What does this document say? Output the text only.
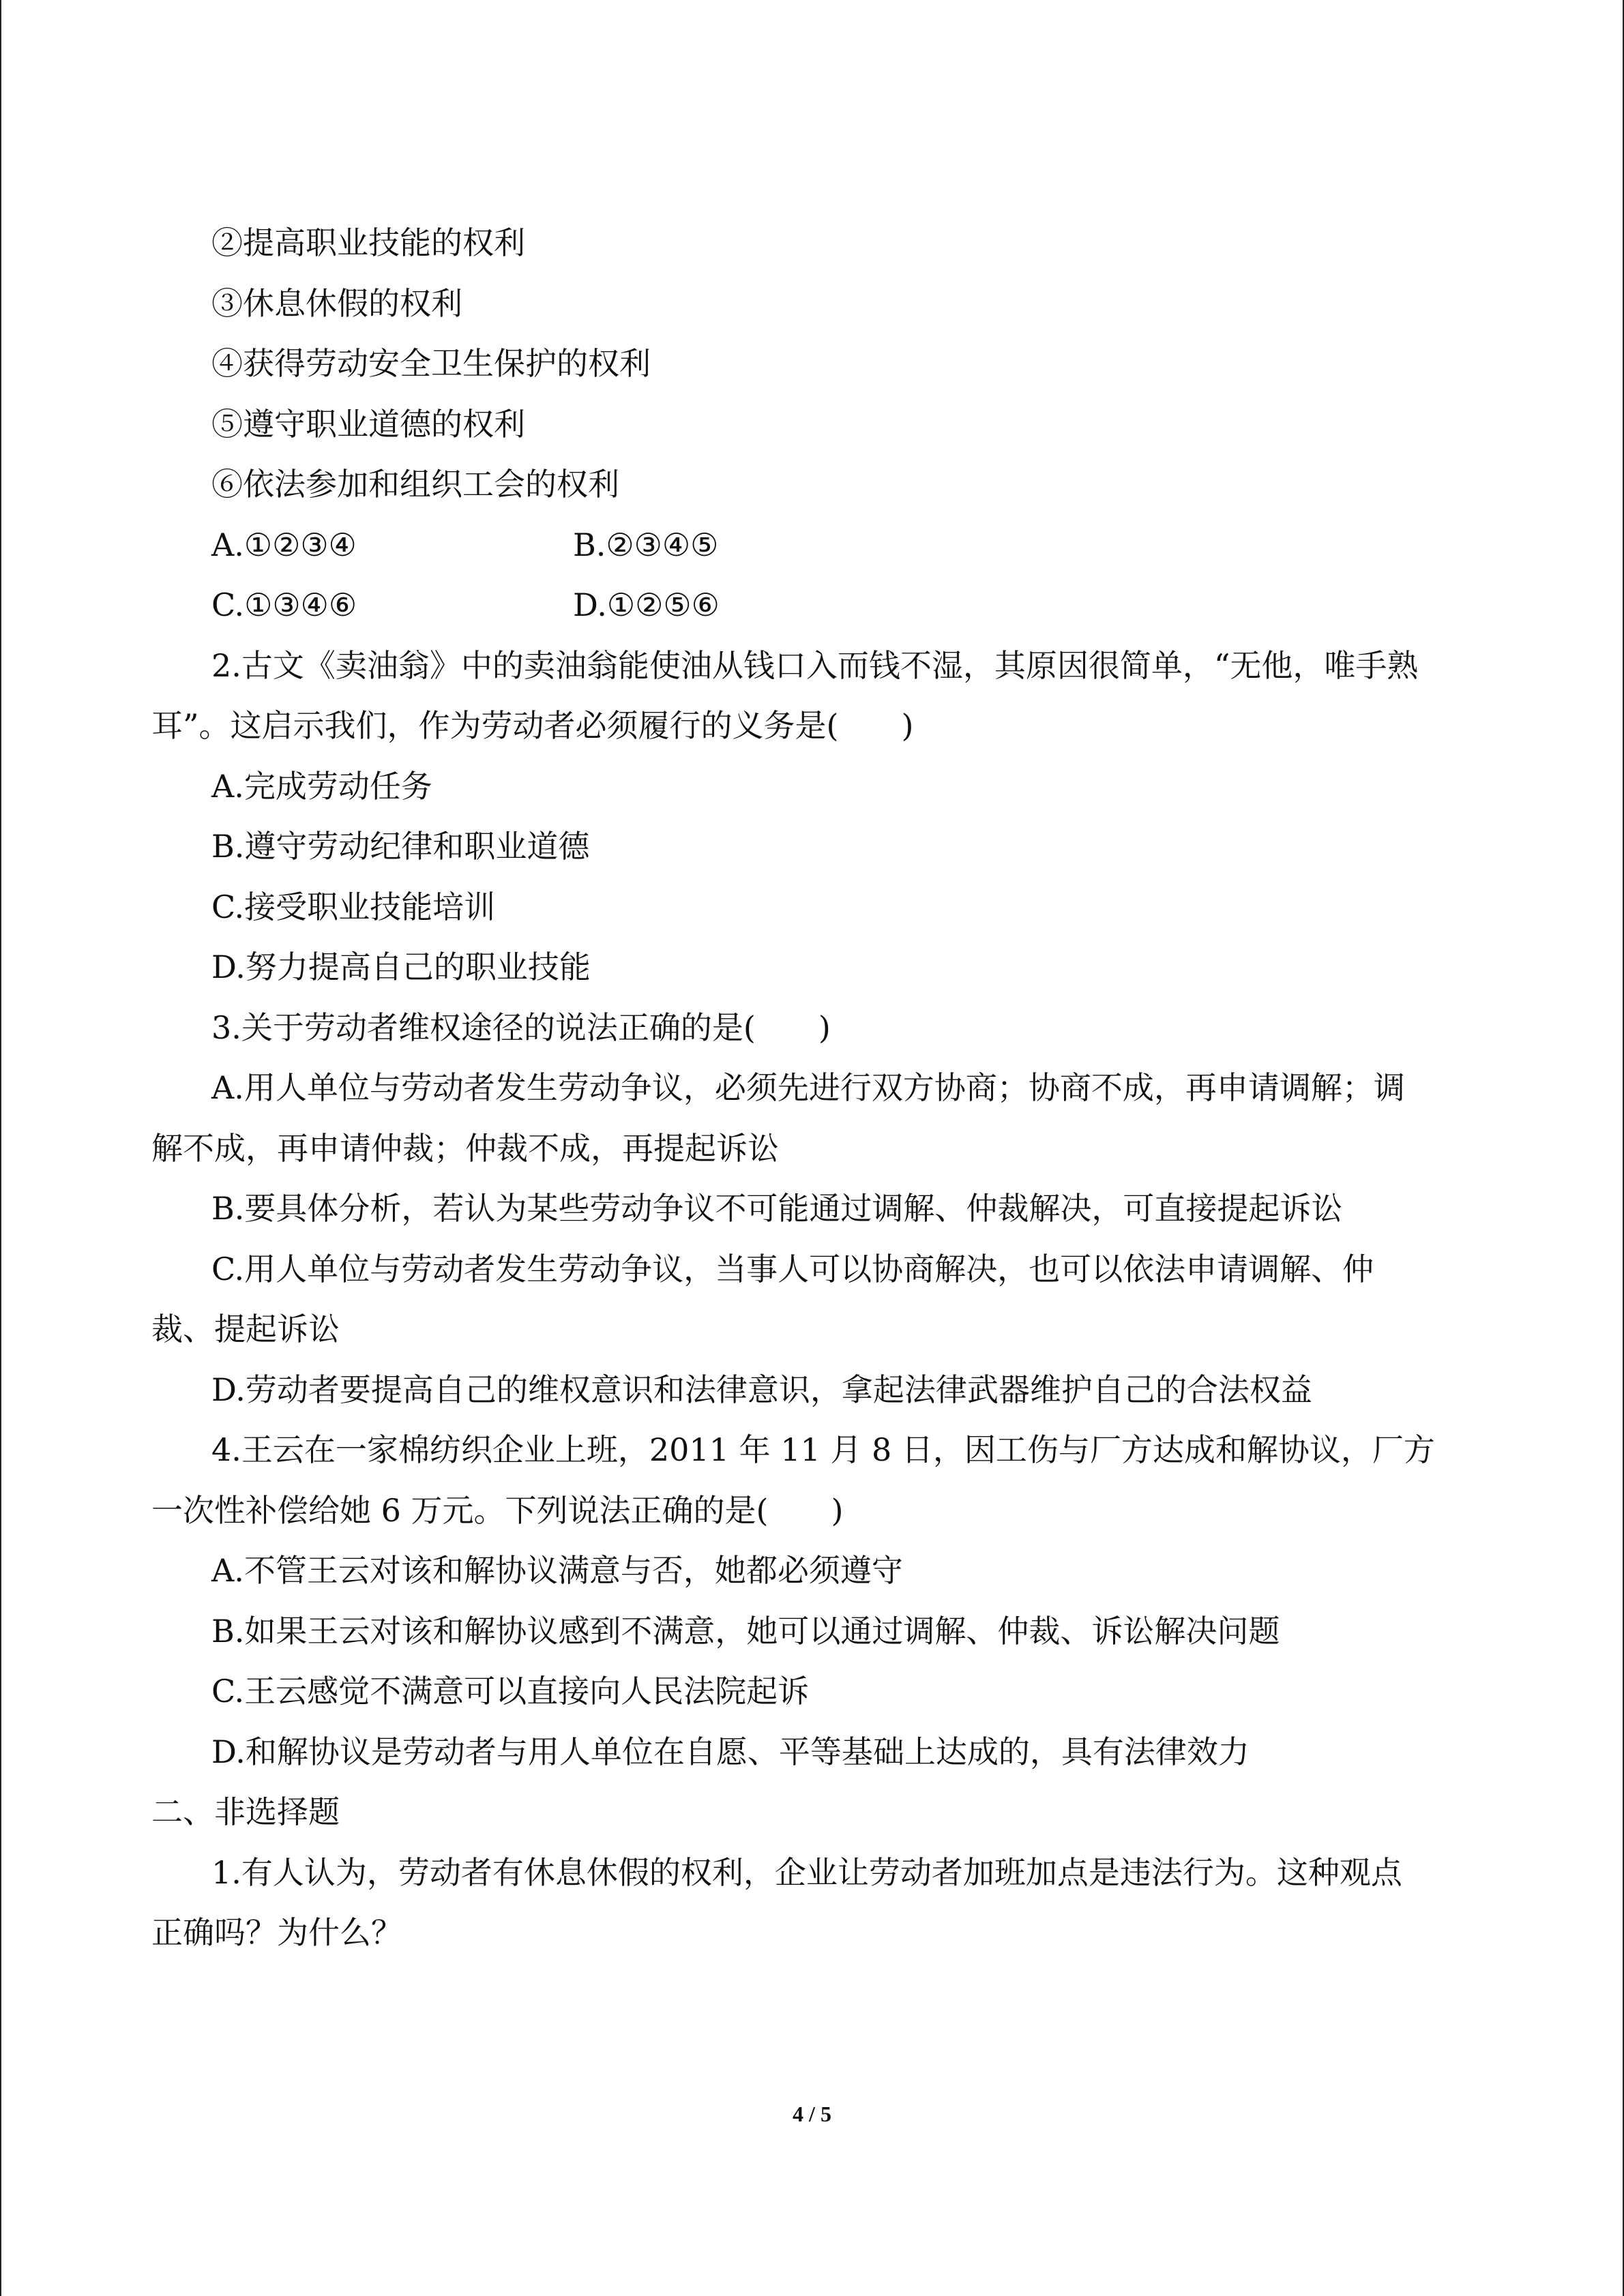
②提高职业技能的权利
③休息休假的权利
④获得劳动安全卫生保护的权利
⑤遵守职业道德的权利
⑥依法参加和组织工会的权利
A.①②③④	B.②③④⑤
C.①③④⑥	D.①②⑤⑥
2.古文《卖油翁》中的卖油翁能使油从钱口入而钱不湿，其原因很简单，“无他，唯手熟
耳”。这启示我们，作为劳动者必须履行的义务是(　　)
A.完成劳动任务
B.遵守劳动纪律和职业道德
C.接受职业技能培训
D.努力提高自己的职业技能
3.关于劳动者维权途径的说法正确的是(　　)
A.用人单位与劳动者发生劳动争议，必须先进行双方协商；协商不成，再申请调解；调
解不成，再申请仲裁；仲裁不成，再提起诉讼
B.要具体分析，若认为某些劳动争议不可能通过调解、仲裁解决，可直接提起诉讼
C.用人单位与劳动者发生劳动争议，当事人可以协商解决，也可以依法申请调解、仲
裁、提起诉讼
D.劳动者要提高自己的维权意识和法律意识，拿起法律武器维护自己的合法权益
4.王云在一家棉纺织企业上班，2011 年 11 月 8 日，因工伤与厂方达成和解协议，厂方
一次性补偿给她 6 万元。下列说法正确的是(　　)
A.不管王云对该和解协议满意与否，她都必须遵守
B.如果王云对该和解协议感到不满意，她可以通过调解、仲裁、诉讼解决问题
C.王云感觉不满意可以直接向人民法院起诉
D.和解协议是劳动者与用人单位在自愿、平等基础上达成的，具有法律效力
二、非选择题
1.有人认为，劳动者有休息休假的权利，企业让劳动者加班加点是违法行为。这种观点
正确吗？为什么？
4 / 5
